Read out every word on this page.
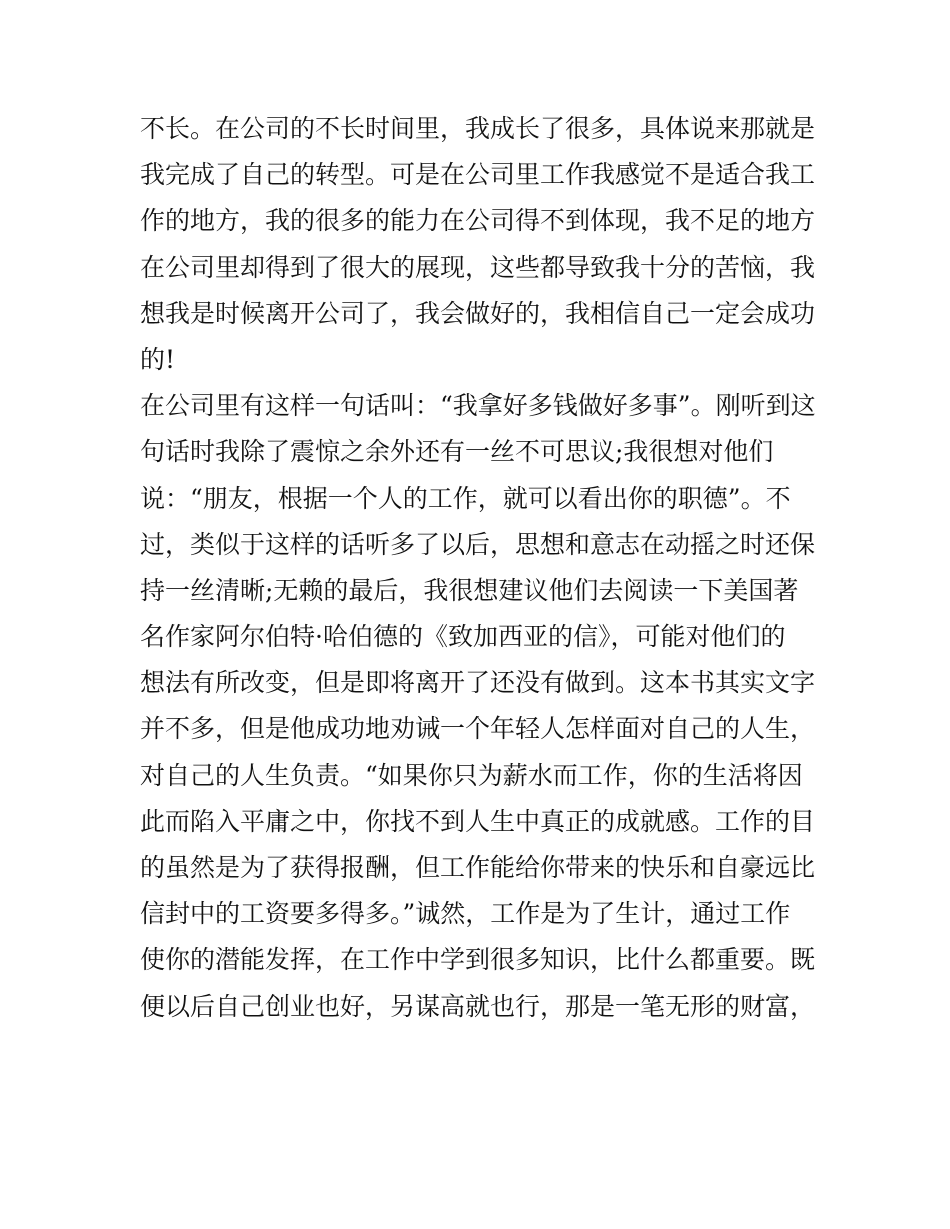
不长。在公司的不长时间里，我成长了很多，具体说来那就是
我完成了自己的转型。可是在公司里工作我感觉不是适合我工
作的地方，我的很多的能力在公司得不到体现，我不足的地方
在公司里却得到了很大的展现，这些都导致我十分的苦恼，我
想我是时候离开公司了，我会做好的，我相信自己一定会成功
的!
在公司里有这样一句话叫：“我拿好多钱做好多事”。刚听到这
句话时我除了震惊之余外还有一丝不可思议;我很想对他们
说：“朋友，根据一个人的工作，就可以看出你的职德”。不
过，类似于这样的话听多了以后，思想和意志在动摇之时还保
持一丝清晰;无赖的最后，我很想建议他们去阅读一下美国著
名作家阿尔伯特·哈伯德的《致加西亚的信》，可能对他们的
想法有所改变，但是即将离开了还没有做到。这本书其实文字
并不多，但是他成功地劝诫一个年轻人怎样面对自己的人生，
对自己的人生负责。“如果你只为薪水而工作，你的生活将因
此而陷入平庸之中，你找不到人生中真正的成就感。工作的目
的虽然是为了获得报酬，但工作能给你带来的快乐和自豪远比
信封中的工资要多得多。”诚然，工作是为了生计，通过工作
使你的潜能发挥，在工作中学到很多知识，比什么都重要。既
便以后自己创业也好，另谋高就也行，那是一笔无形的财富，
